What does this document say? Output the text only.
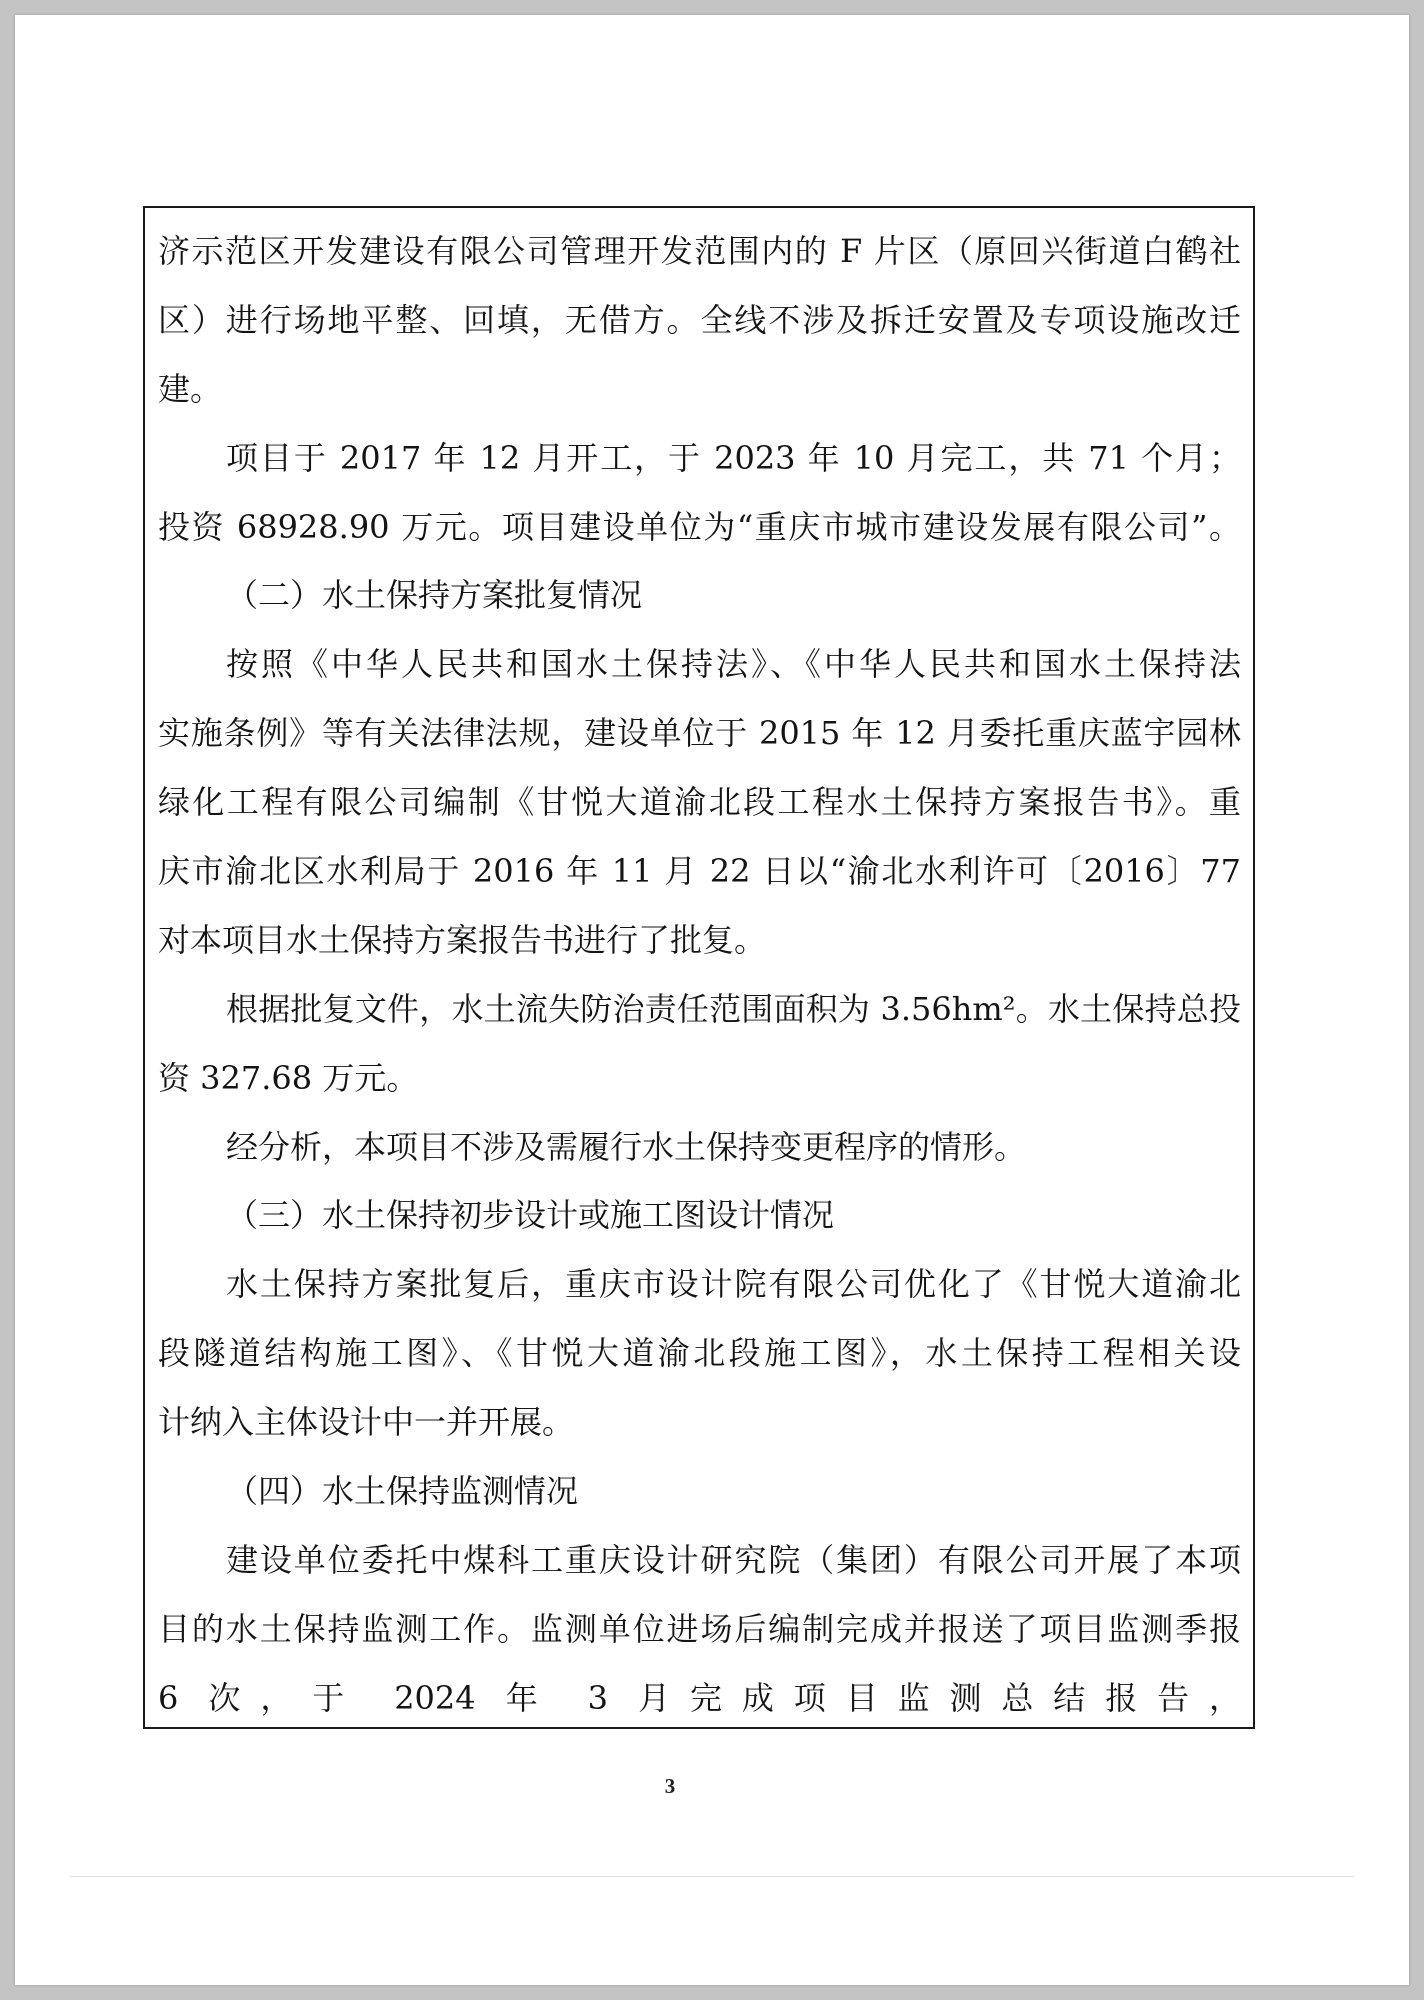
济示范区开发建设有限公司管理开发范围内的 F 片区（原回兴街道白鹤社
区）进行场地平整、回填，无借方。全线不涉及拆迁安置及专项设施改迁
建。
项目于 2017 年 12 月开工，于 2023 年 10 月完工，共 71 个月；
投资 68928.90 万元。项目建设单位为“重庆市城市建设发展有限公司”。
（二）水土保持方案批复情况
按照《中华人民共和国水土保持法》、《中华人民共和国水土保持法
实施条例》等有关法律法规，建设单位于 2015 年 12 月委托重庆蓝宇园林
绿化工程有限公司编制《甘悦大道渝北段工程水土保持方案报告书》。重
庆市渝北区水利局于 2016 年 11 月 22 日以“渝北水利许可〔2016〕77
对本项目水土保持方案报告书进行了批复。
根据批复文件，水土流失防治责任范围面积为 3.56hm²。水土保持总投
资 327.68 万元。
经分析，本项目不涉及需履行水土保持变更程序的情形。
（三）水土保持初步设计或施工图设计情况
水土保持方案批复后，重庆市设计院有限公司优化了《甘悦大道渝北
段隧道结构施工图》、《甘悦大道渝北段施工图》，水土保持工程相关设
计纳入主体设计中一并开展。
（四）水土保持监测情况
建设单位委托中煤科工重庆设计研究院（集团）有限公司开展了本项
目的水土保持监测工作。监测单位进场后编制完成并报送了项目监测季报
6 次，于 2024 年 3 月完成项目监测总结报告，
3
